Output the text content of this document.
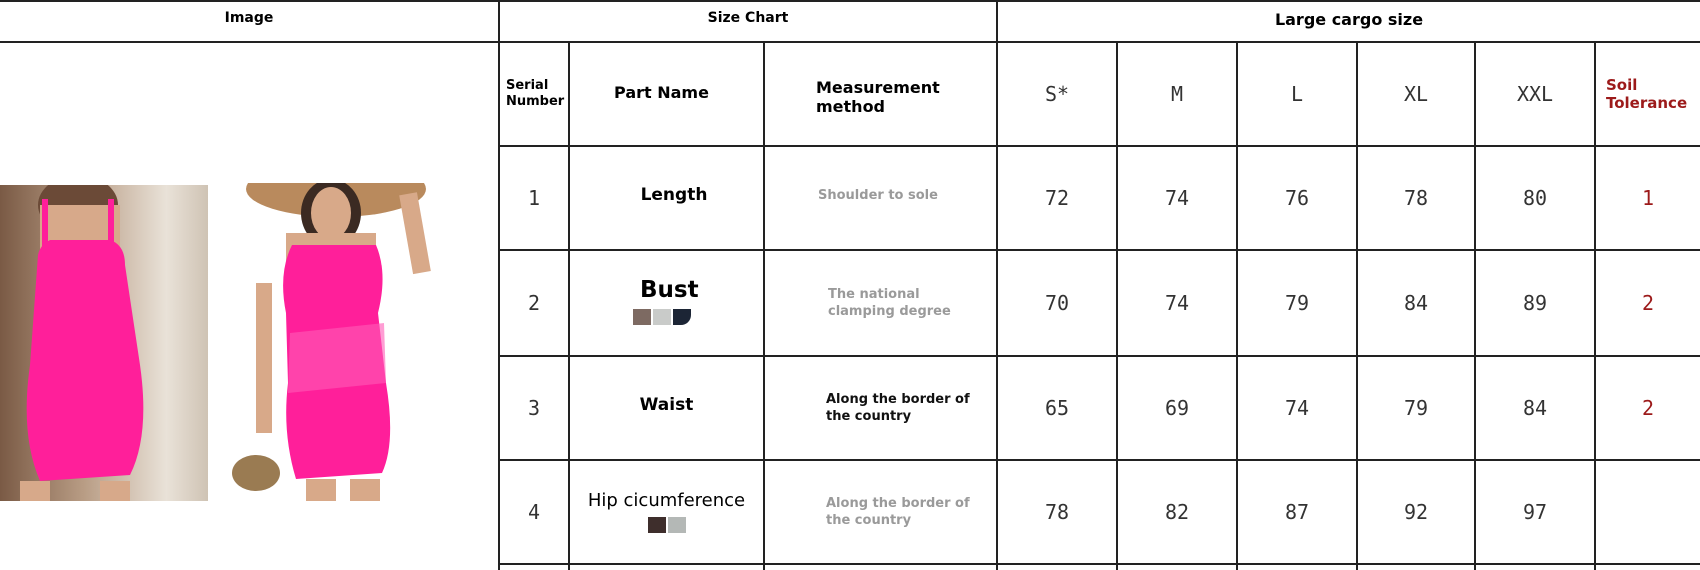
Image	Size Chart	Large cargo size
Serial Number	Part Name	Measurement method
S*	M	L	XL	XXL	Soil Tolerance
1	Length	Shoulder to sole	72	74	76	78	80	1
2	Bust	The national clamping degree	70	74	79	84	89	2
3	Waist	Along the border of the country	65	69	74	79	84	2
4	Hip cicumference	Along the border of the country	78	82	87	92	97
